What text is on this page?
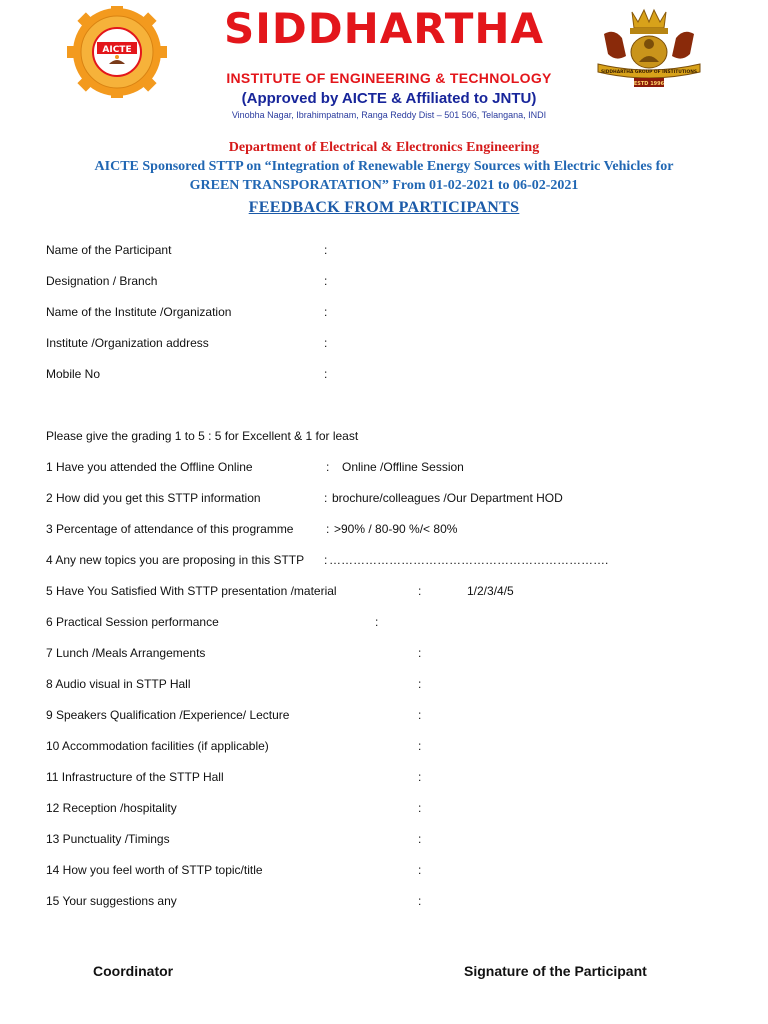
AICTE	SIDDHARTHA
INSTITUTE OF ENGINEERING & TECHNOLOGY
(Approved by AICTE & Affiliated to JNTU)
Vinobha Nagar, Ibrahimpatnam, Ranga Reddy Dist – 501 506, Telangana, INDI
SIDDHARTHA GROUP OF INSTITUTIONS
ESTD 1996
Department of Electrical & Electronics Engineering
AICTE Sponsored STTP on “Integration of Renewable Energy Sources with Electric Vehicles for
GREEN TRANSPORATATION” From 01-02-2021 to 06-02-2021
FEEDBACK FROM PARTICIPANTS
Name of the Participant	:
Designation / Branch	:
Name of the Institute /Organization	:
Institute /Organization address	:
Mobile No	:
Please give the grading 1 to 5 : 5 for Excellent & 1 for least
1 Have you attended the Offline Online	: Online /Offline Session
2 How did you get this STTP information	: brochure/colleagues /Our Department HOD
3 Percentage of attendance of this programme	: >90% / 80-90 %/< 80%
4 Any new topics you are proposing in this STTP : …………………………………………………………….
5 Have You Satisfied With STTP presentation /material	:	1/2/3/4/5
6 Practical Session performance	:
7 Lunch /Meals Arrangements	:
8 Audio visual in STTP Hall	:
9 Speakers Qualification /Experience/ Lecture	:
10 Accommodation facilities (if applicable)	:
11 Infrastructure of the STTP Hall	:
12 Reception /hospitality	:
13 Punctuality /Timings	:
14 How you feel worth of STTP topic/title	:
15 Your suggestions any	:
Coordinator	Signature of the Participant
